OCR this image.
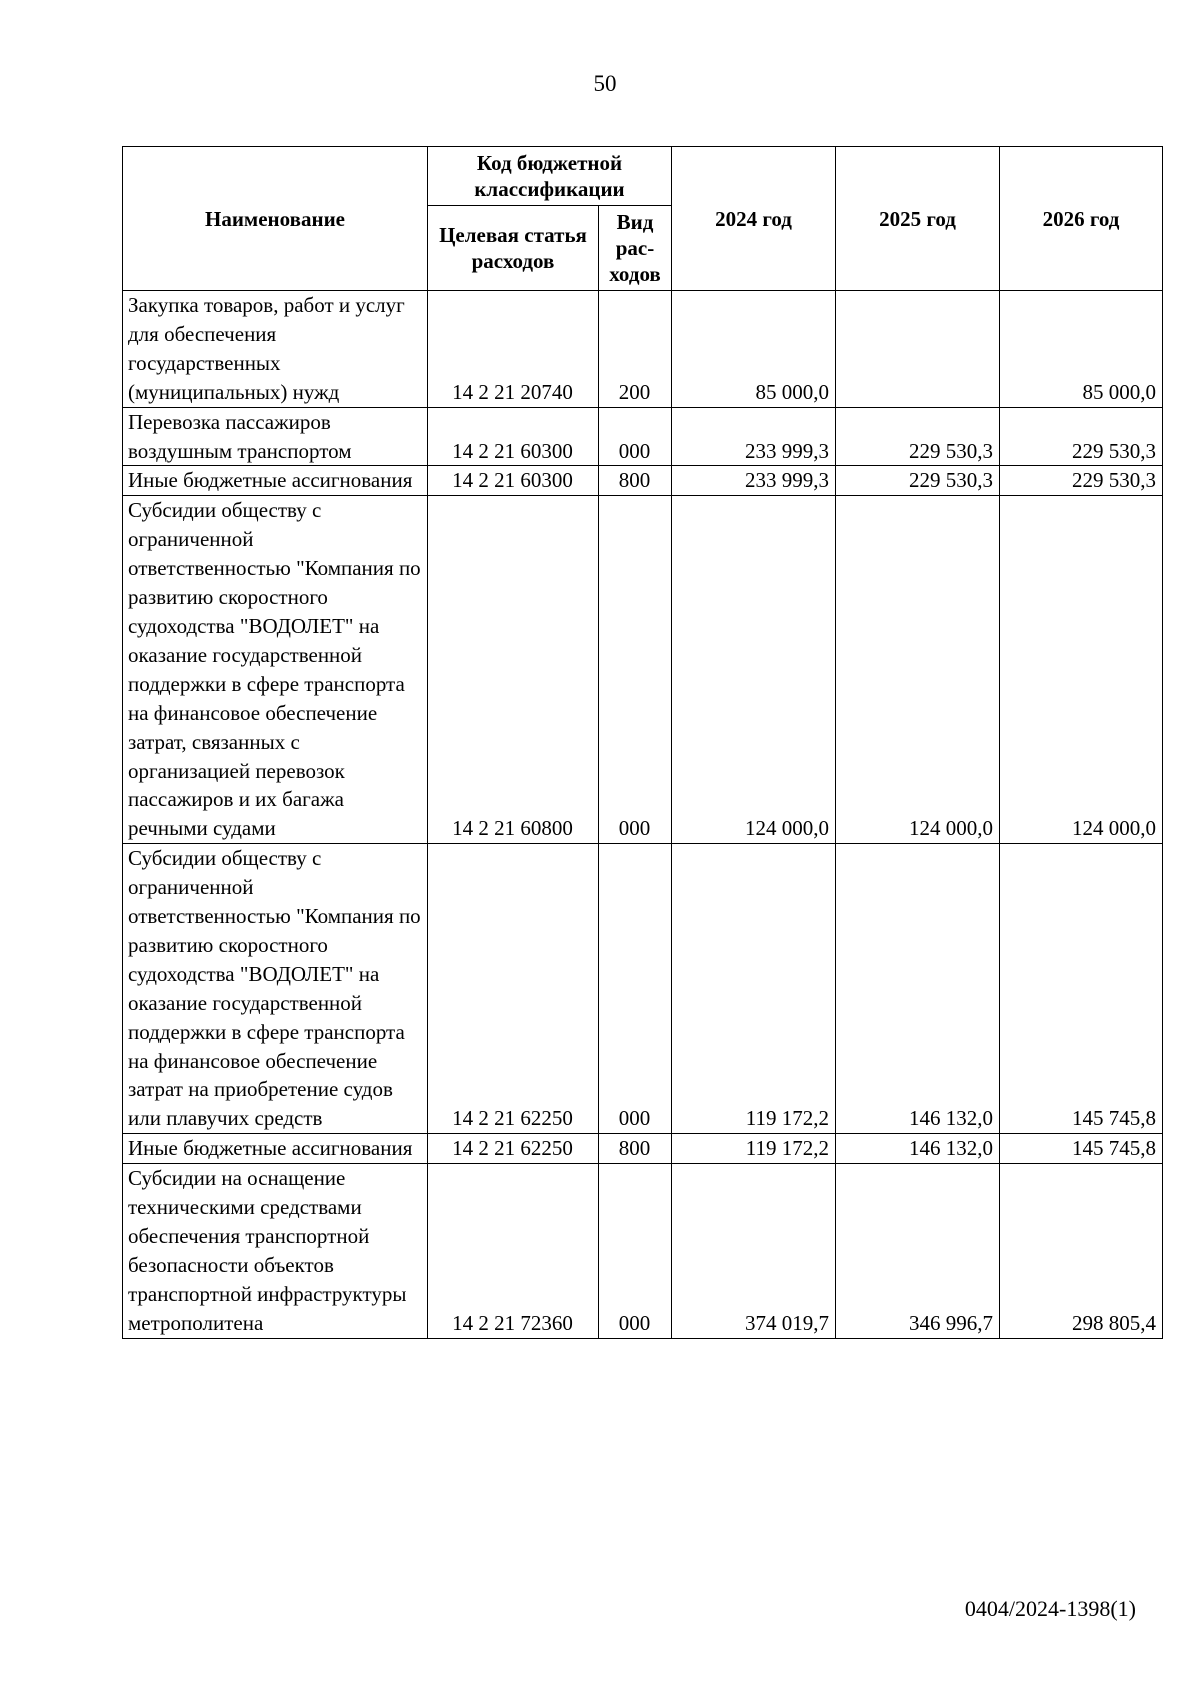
50
Наименование	Код бюджетной классификации		2024 год	2025 год	2026 год
	Целевая статья расходов	Вид рас-
ходов			
Закупка товаров, работ и услуг для обеспечения государственных (муниципальных) нужд	14 2 21 20740	200	85 000,0		85 000,0
Перевозка пассажиров воздушным транспортом	14 2 21 60300	000	233 999,3	229 530,3	229 530,3
Иные бюджетные ассигнования	14 2 21 60300	800	233 999,3	229 530,3	229 530,3
Субсидии обществу с ограниченной ответственностью "Компания по развитию скоростного судоходства "ВОДОЛЕТ" на оказание государственной поддержки в сфере транспорта на финансовое обеспечение затрат, связанных с организацией перевозок пассажиров и их багажа речными судами	14 2 21 60800	000	124 000,0	124 000,0	124 000,0
Субсидии обществу с ограниченной ответственностью "Компания по развитию скоростного судоходства "ВОДОЛЕТ" на оказание государственной поддержки в сфере транспорта на финансовое обеспечение затрат на приобретение судов или плавучих средств	14 2 21 62250	000	119 172,2	146 132,0	145 745,8
Иные бюджетные ассигнования	14 2 21 62250	800	119 172,2	146 132,0	145 745,8
Субсидии на оснащение техническими средствами обеспечения транспортной безопасности объектов транспортной инфраструктуры метрополитена	14 2 21 72360	000	374 019,7	346 996,7	298 805,4
0404/2024-1398(1)
